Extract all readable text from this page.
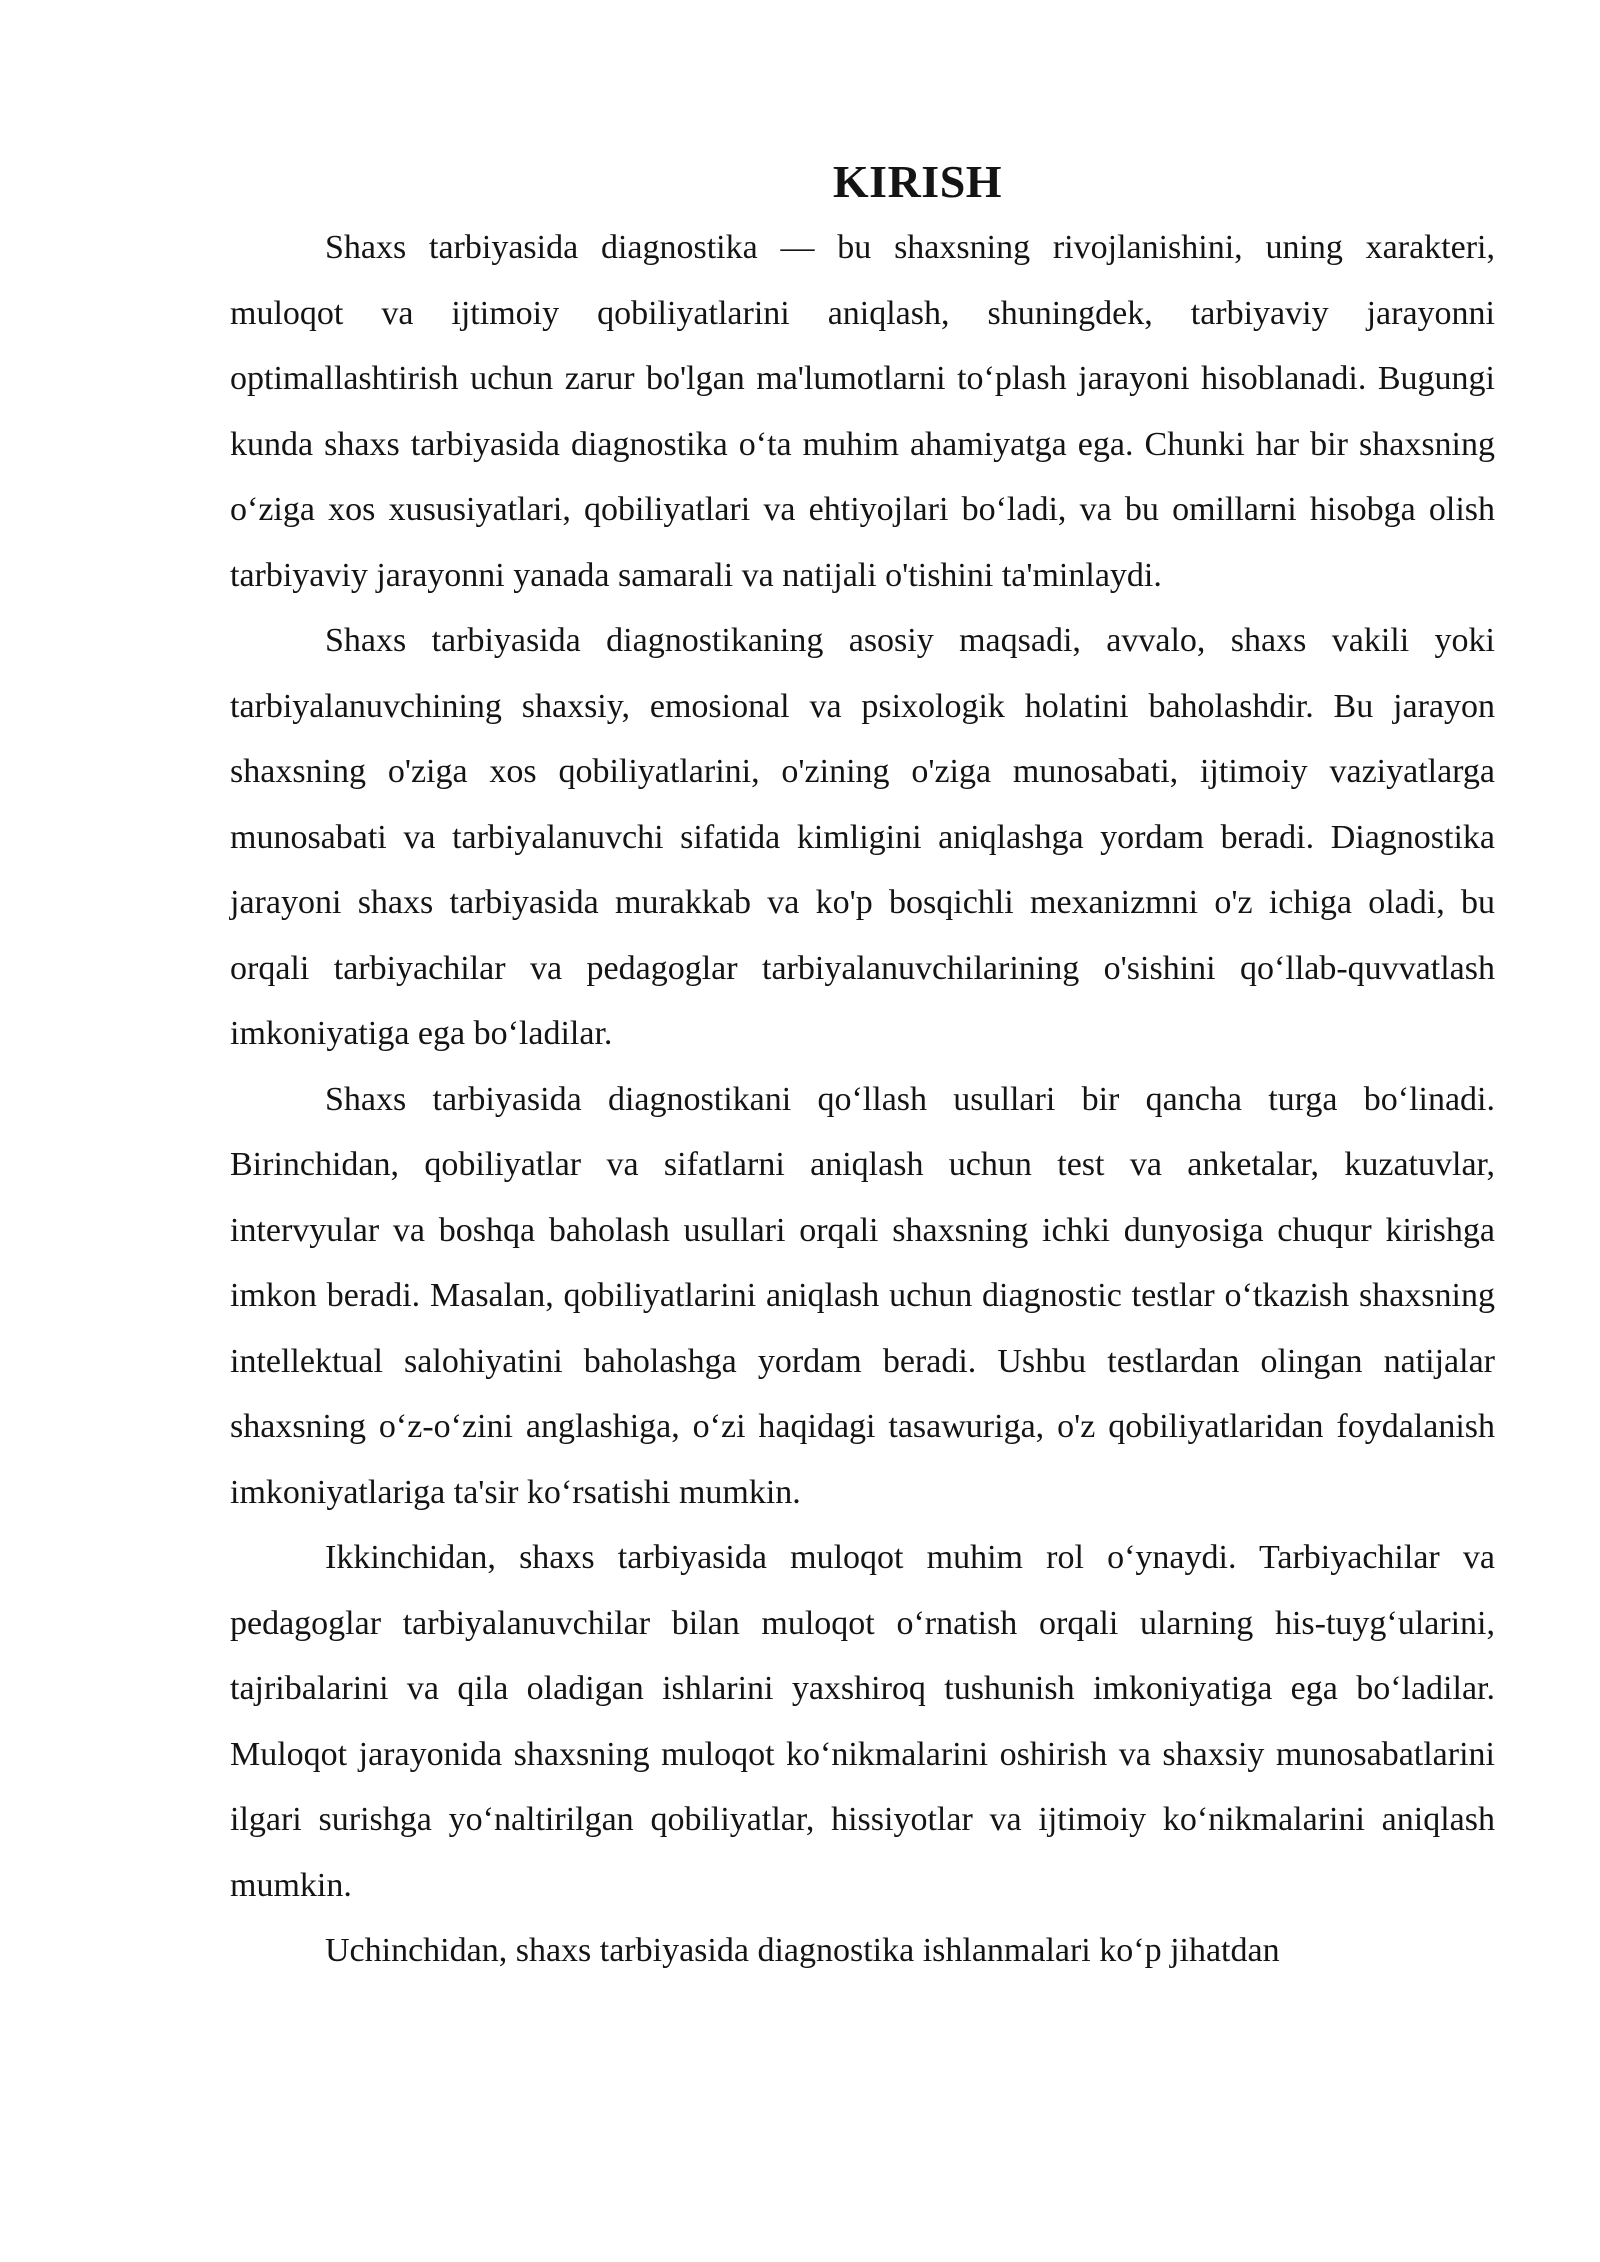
KIRISH

Shaxs tarbiyasida diagnostika — bu shaxsning rivojlanishini, uning xarakteri, muloqot va ijtimoiy qobiliyatlarini aniqlash, shuningdek, tarbiyaviy jarayonni optimallashtirish uchun zarur bo'lgan ma'lumotlarni to‘plash jarayoni hisoblanadi. Bugungi kunda shaxs tarbiyasida diagnostika o‘ta muhim ahamiyatga ega. Chunki har bir shaxsning o‘ziga xos xususiyatlari, qobiliyatlari va ehtiyojlari bo‘ladi, va bu omillarni hisobga olish tarbiyaviy jarayonni yanada samarali va natijali o'tishini ta'minlaydi.

Shaxs tarbiyasida diagnostikaning asosiy maqsadi, avvalo, shaxs vakili yoki tarbiyalanuvchining shaxsiy, emosional va psixologik holatini baholashdir. Bu jarayon shaxsning o'ziga xos qobiliyatlarini, o'zining o'ziga munosabati, ijtimoiy vaziyatlarga munosabati va tarbiyalanuvchi sifatida kimligini aniqlashga yordam beradi. Diagnostika jarayoni shaxs tarbiyasida murakkab va ko'p bosqichli mexanizmni o'z ichiga oladi, bu orqali tarbiyachilar va pedagoglar tarbiyalanuvchilarining o'sishini qo‘llab-quvvatlash imkoniyatiga ega bo‘ladilar.

Shaxs tarbiyasida diagnostikani qo‘llash usullari bir qancha turga bo‘linadi. Birinchidan, qobiliyatlar va sifatlarni aniqlash uchun test va anketalar, kuzatuvlar, intervyular va boshqa baholash usullari orqali shaxsning ichki dunyosiga chuqur kirishga imkon beradi. Masalan, qobiliyatlarini aniqlash uchun diagnostic testlar o‘tkazish shaxsning intellektual salohiyatini baholashga yordam beradi. Ushbu testlardan olingan natijalar shaxsning o‘z-o‘zini anglashiga, o‘zi haqidagi tasawuriga, o'z qobiliyatlaridan foydalanish imkoniyatlariga ta'sir ko‘rsatishi mumkin.

Ikkinchidan, shaxs tarbiyasida muloqot muhim rol o‘ynaydi. Tarbiyachilar va pedagoglar tarbiyalanuvchilar bilan muloqot o‘rnatish orqali ularning his-tuyg‘ularini, tajribalarini va qila oladigan ishlarini yaxshiroq tushunish imkoniyatiga ega bo‘ladilar. Muloqot jarayonida shaxsning muloqot ko‘nikmalarini oshirish va shaxsiy munosabatlarini ilgari surishga yo‘naltirilgan qobiliyatlar, hissiyotlar va ijtimoiy ko‘nikmalarini aniqlash mumkin.

Uchinchidan, shaxs tarbiyasida diagnostika ishlanmalari ko‘p jihatdan
